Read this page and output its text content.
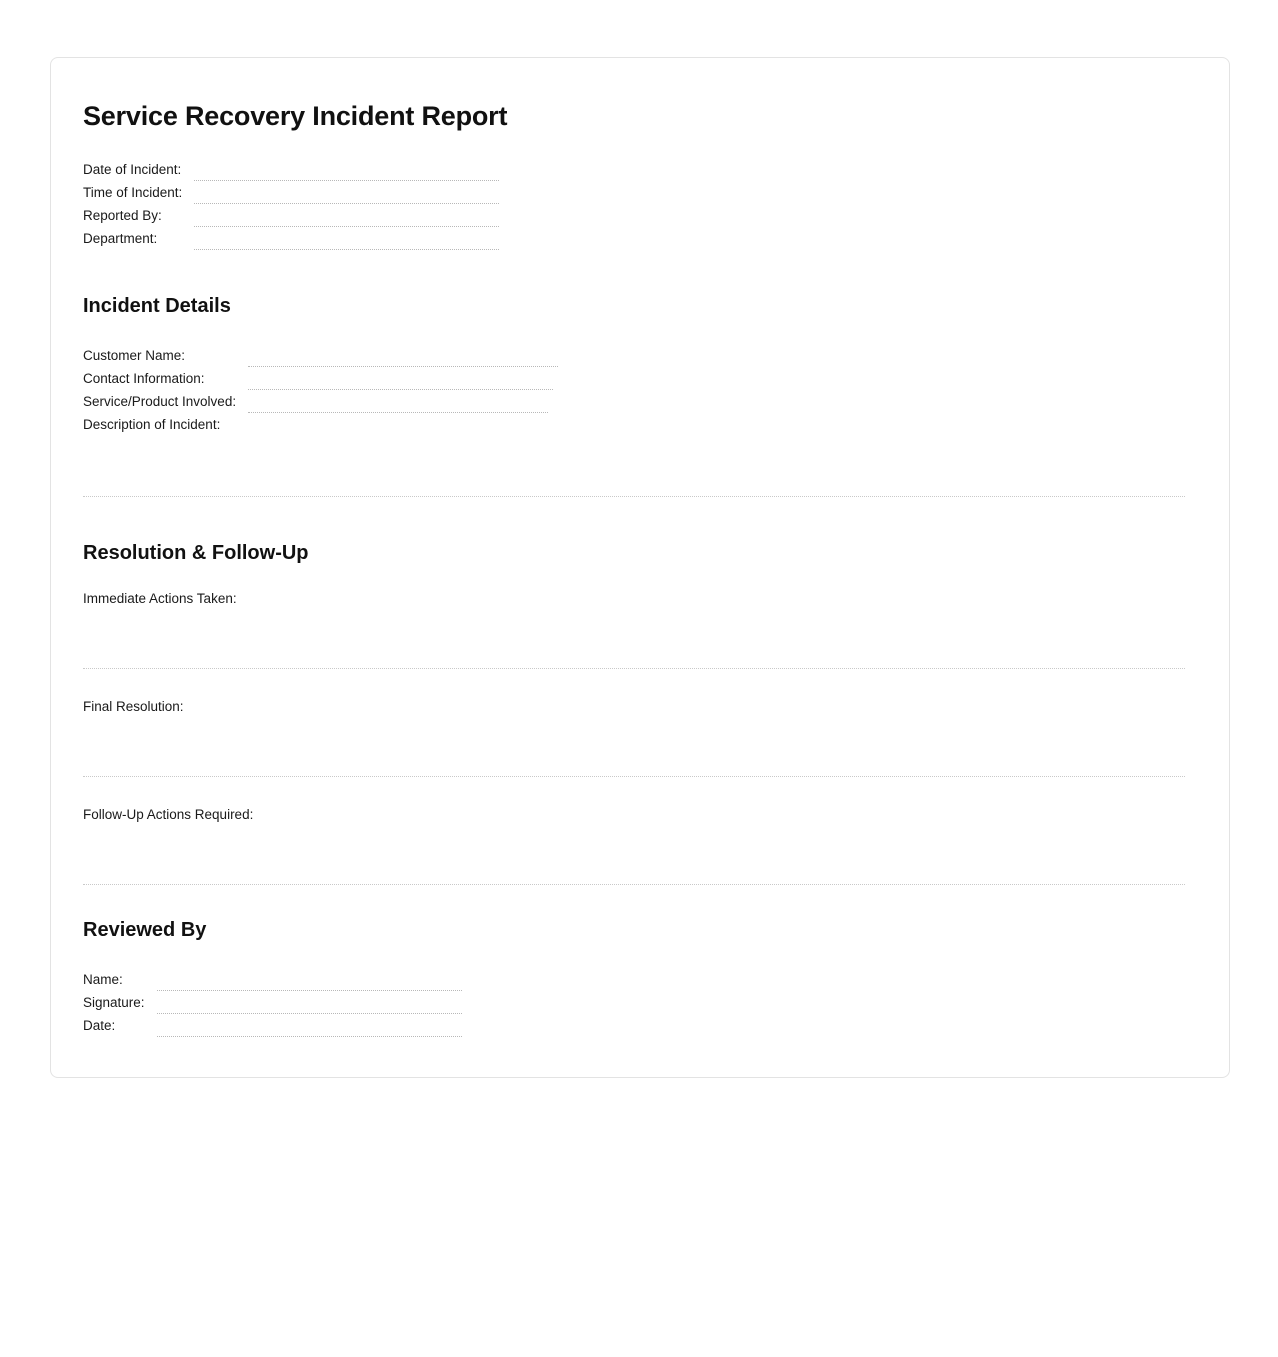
Service Recovery Incident Report
Date of Incident:
Time of Incident:
Reported By:
Department:
Incident Details
Customer Name:
Contact Information:
Service/Product Involved:
Description of Incident:
Resolution & Follow-Up
Immediate Actions Taken:
Final Resolution:
Follow-Up Actions Required:
Reviewed By
Name:
Signature:
Date:
